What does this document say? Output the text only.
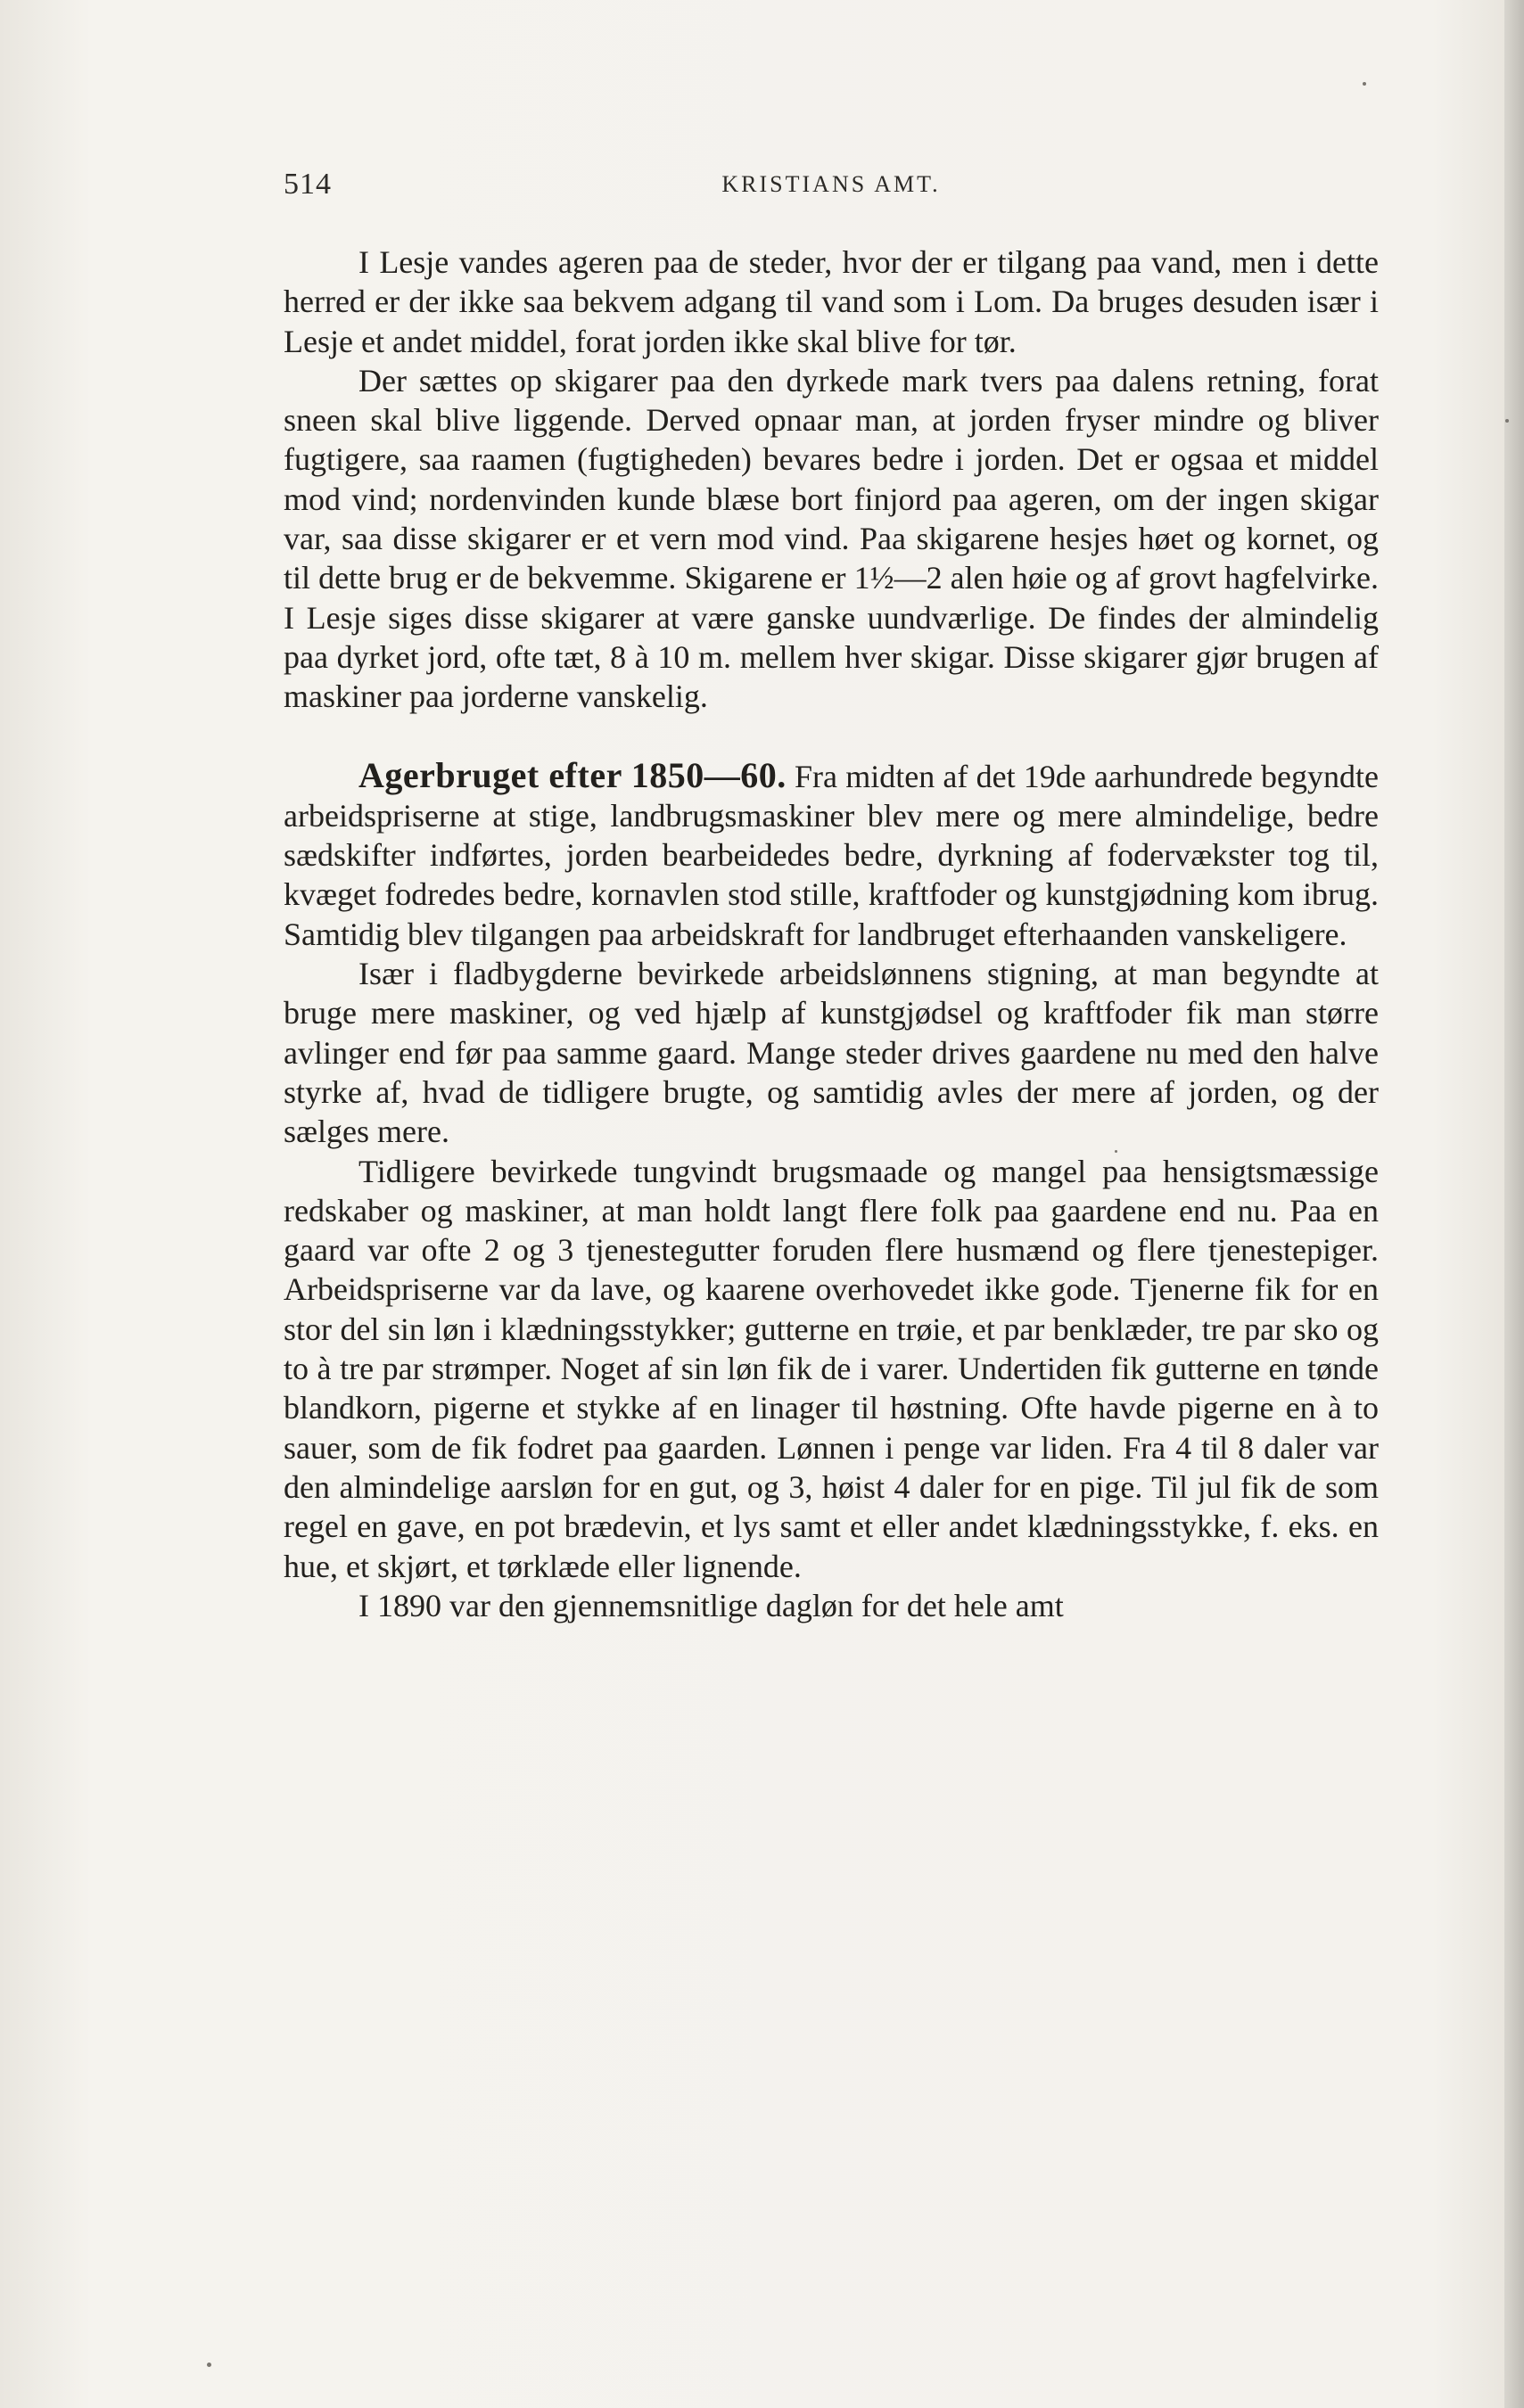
514	KRISTIANS AMT.

I Lesje vandes ageren paa de steder, hvor der er tilgang paa vand, men i dette herred er der ikke saa bekvem adgang til vand som i Lom. Da bruges desuden især i Lesje et andet middel, forat jorden ikke skal blive for tør.

Der sættes op skigarer paa den dyrkede mark tvers paa dalens retning, forat sneen skal blive liggende. Derved opnaar man, at jorden fryser mindre og bliver fugtigere, saa raamen (fugtigheden) bevares bedre i jorden. Det er ogsaa et middel mod vind; nordenvinden kunde blæse bort finjord paa ageren, om der ingen skigar var, saa disse skigarer er et vern mod vind. Paa skigarene hesjes høet og kornet, og til dette brug er de bekvemme. Skigarene er 1½—2 alen høie og af grovt hagfelvirke. I Lesje siges disse skigarer at være ganske uundværlige. De findes der almindelig paa dyrket jord, ofte tæt, 8 à 10 m. mellem hver skigar. Disse skigarer gjør brugen af maskiner paa jorderne vanskelig.

Agerbruget efter 1850—60. Fra midten af det 19de aarhundrede begyndte arbeidspriserne at stige, landbrugsmaskiner blev mere og mere almindelige, bedre sædskifter indførtes, jorden bearbeidedes bedre, dyrkning af fodervækster tog til, kvæget fodredes bedre, kornavlen stod stille, kraftfoder og kunstgjødning kom ibrug. Samtidig blev tilgangen paa arbeidskraft for landbruget efterhaanden vanskeligere.

Især i fladbygderne bevirkede arbeidslønnens stigning, at man begyndte at bruge mere maskiner, og ved hjælp af kunstgjødsel og kraftfoder fik man større avlinger end før paa samme gaard. Mange steder drives gaardene nu med den halve styrke af, hvad de tidligere brugte, og samtidig avles der mere af jorden, og der sælges mere.

Tidligere bevirkede tungvindt brugsmaade og mangel paa hensigtsmæssige redskaber og maskiner, at man holdt langt flere folk paa gaardene end nu. Paa en gaard var ofte 2 og 3 tjenestegutter foruden flere husmænd og flere tjenestepiger. Arbeidspriserne var da lave, og kaarene overhovedet ikke gode. Tjenerne fik for en stor del sin løn i klædningsstykker; gutterne en trøie, et par benklæder, tre par sko og to à tre par strømper. Noget af sin løn fik de i varer. Undertiden fik gutterne en tønde blandkorn, pigerne et stykke af en linager til høstning. Ofte havde pigerne en à to sauer, som de fik fodret paa gaarden. Lønnen i penge var liden. Fra 4 til 8 daler var den almindelige aarsløn for en gut, og 3, høist 4 daler for en pige. Til jul fik de som regel en gave, en pot brædevin, et lys samt et eller andet klædningsstykke, f. eks. en hue, et skjørt, et tørklæde eller lignende.

I 1890 var den gjennemsnitlige dagløn for det hele amt
